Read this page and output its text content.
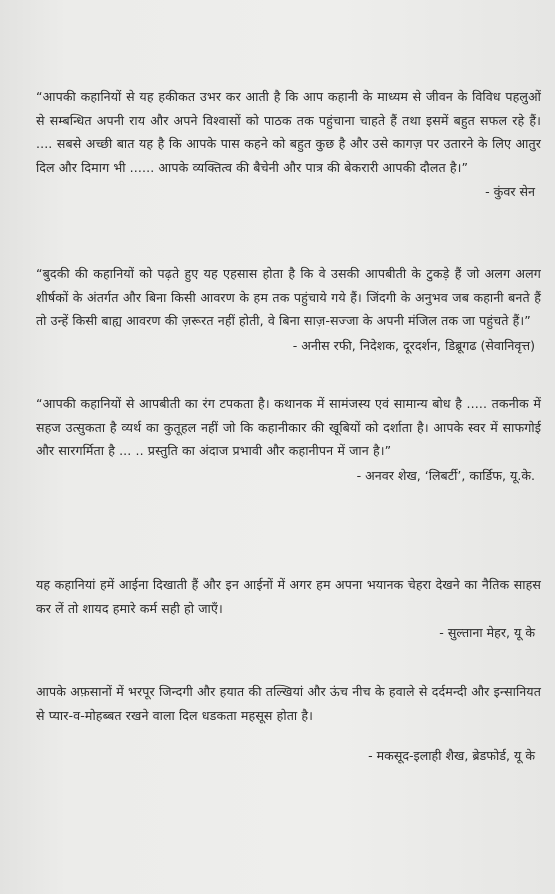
“आपकी कहानियों से यह हकीकत उभर कर आती है कि आप कहानी के माध्यम से जीवन के विविध पहलुओं से सम्बन्धित अपनी राय और अपने विश्वासों को पाठक तक पहुंचाना चाहते हैं तथा इसमें बहुत सफल रहे हैं। .... सबसे अच्छी बात यह है कि आपके पास कहने को बहुत कुछ है और उसे कागज़ पर उतारने के लिए आतुर दिल और दिमाग भी ...... आपके व्यक्तित्व की बैचेनी और पात्र की बेकरारी आपकी दौलत है।”

- कुंवर सेन

“बुदकी की कहानियों को पढ़ते हुए यह एहसास होता है कि वे उसकी आपबीती के टुकड़े हैं जो अलग अलग शीर्षकों के अंतर्गत और बिना किसी आवरण के हम तक पहुंचाये गये हैं। जिंदगी के अनुभव जब कहानी बनते हैं तो उन्हें किसी बाह्य आवरण की ज़रूरत नहीं होती, वे बिना साज़-सज्जा के अपनी मंजिल तक जा पहुंचते हैं।”

- अनीस रफी, निदेशक, दूरदर्शन, डिब्रूगढ (सेवानिवृत्त)

“आपकी कहानियों से आपबीती का रंग टपकता है। कथानक में सामंजस्य एवं सामान्य बोध है ..... तकनीक में सहज उत्सुकता है व्यर्थ का कुतूहल नहीं जो कि कहानीकार की खूबियों को दर्शाता है। आपके स्वर में साफगोई और सारगर्मिता है ... .. प्रस्तुति का अंदाज प्रभावी और कहानीपन में जान है।”

- अनवर शेख, ‘लिबर्टी’, कार्डिफ, यू.के.

यह कहानियां हमें आईना दिखाती हैं और इन आईनों में अगर हम अपना भयानक चेहरा देखने का नैतिक साहस कर लें तो शायद हमारे कर्म सही हो जाएँ।

- सुल्ताना मेहर, यू के

आपके अफ़सानों में भरपूर जिन्दगी और हयात की तल्खियां और ऊंच नीच के हवाले से दर्दमन्दी और इन्सानियत से प्यार-व-मोहब्बत रखने वाला दिल धडकता महसूस होता है।

- मकसूद-इलाही शैख, ब्रेडफोर्ड, यू के
